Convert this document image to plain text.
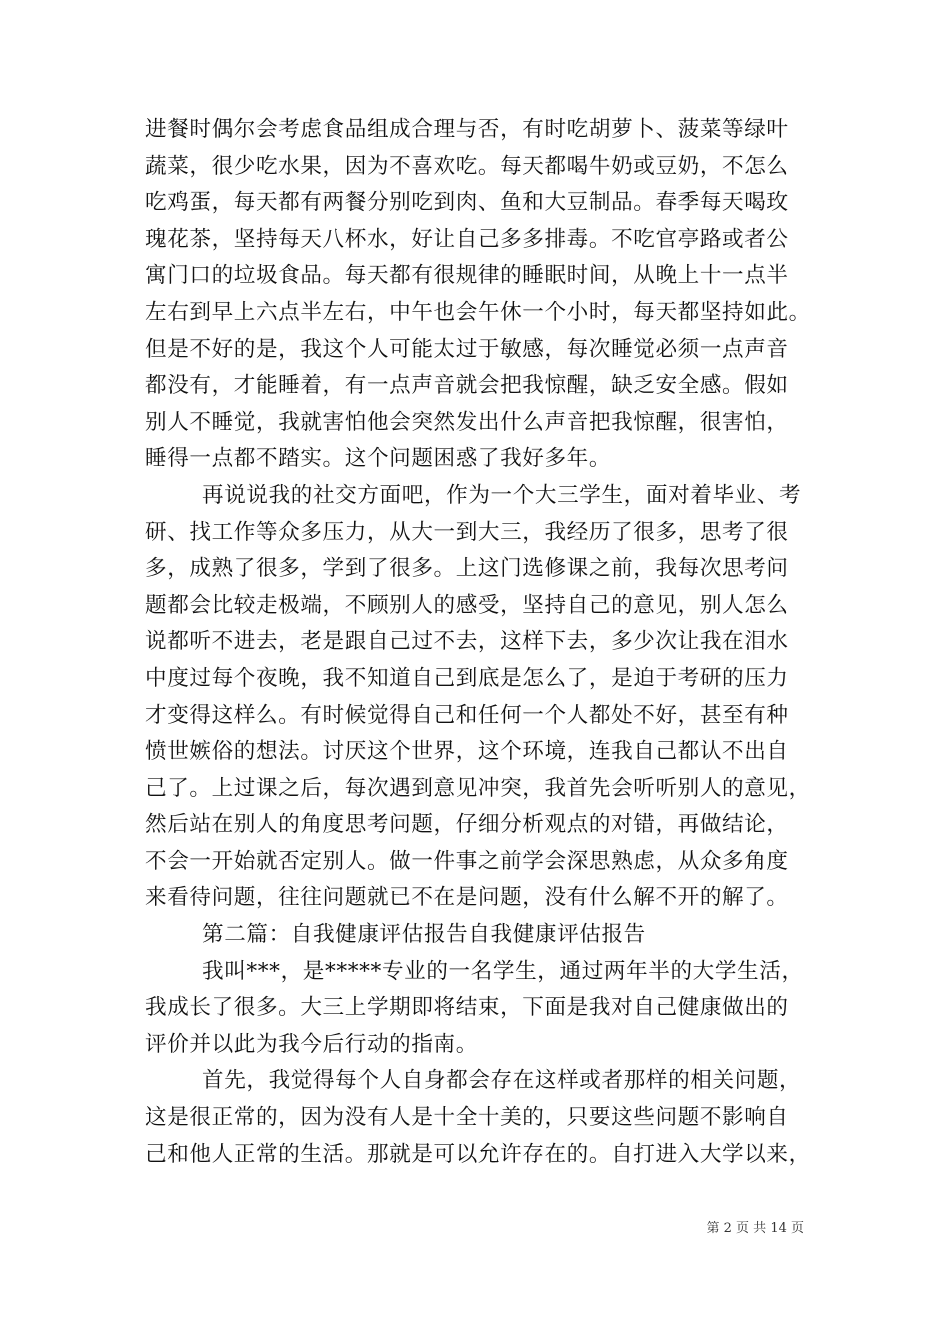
进餐时偶尔会考虑食品组成合理与否，有时吃胡萝卜、菠菜等绿叶
蔬菜，很少吃水果，因为不喜欢吃。每天都喝牛奶或豆奶，不怎么
吃鸡蛋，每天都有两餐分别吃到肉、鱼和大豆制品。春季每天喝玫
瑰花茶，坚持每天八杯水，好让自己多多排毒。不吃官亭路或者公
寓门口的垃圾食品。每天都有很规律的睡眠时间，从晚上十一点半
左右到早上六点半左右，中午也会午休一个小时，每天都坚持如此。
但是不好的是，我这个人可能太过于敏感，每次睡觉必须一点声音
都没有，才能睡着，有一点声音就会把我惊醒，缺乏安全感。假如
别人不睡觉，我就害怕他会突然发出什么声音把我惊醒，很害怕，
睡得一点都不踏实。这个问题困惑了我好多年。
再说说我的社交方面吧，作为一个大三学生，面对着毕业、考
研、找工作等众多压力，从大一到大三，我经历了很多，思考了很
多，成熟了很多，学到了很多。上这门选修课之前，我每次思考问
题都会比较走极端，不顾别人的感受，坚持自己的意见，别人怎么
说都听不进去，老是跟自己过不去，这样下去，多少次让我在泪水
中度过每个夜晚，我不知道自己到底是怎么了，是迫于考研的压力
才变得这样么。有时候觉得自己和任何一个人都处不好，甚至有种
愤世嫉俗的想法。讨厌这个世界，这个环境，连我自己都认不出自
己了。上过课之后，每次遇到意见冲突，我首先会听听别人的意见，
然后站在别人的角度思考问题，仔细分析观点的对错，再做结论，
不会一开始就否定别人。做一件事之前学会深思熟虑，从众多角度
来看待问题，往往问题就已不在是问题，没有什么解不开的解了。
第二篇：自我健康评估报告自我健康评估报告
我叫***，是*****专业的一名学生，通过两年半的大学生活，
我成长了很多。大三上学期即将结束，下面是我对自己健康做出的
评价并以此为我今后行动的指南。
首先，我觉得每个人自身都会存在这样或者那样的相关问题，
这是很正常的，因为没有人是十全十美的，只要这些问题不影响自
己和他人正常的生活。那就是可以允许存在的。自打进入大学以来，
第 2 页 共 14 页
